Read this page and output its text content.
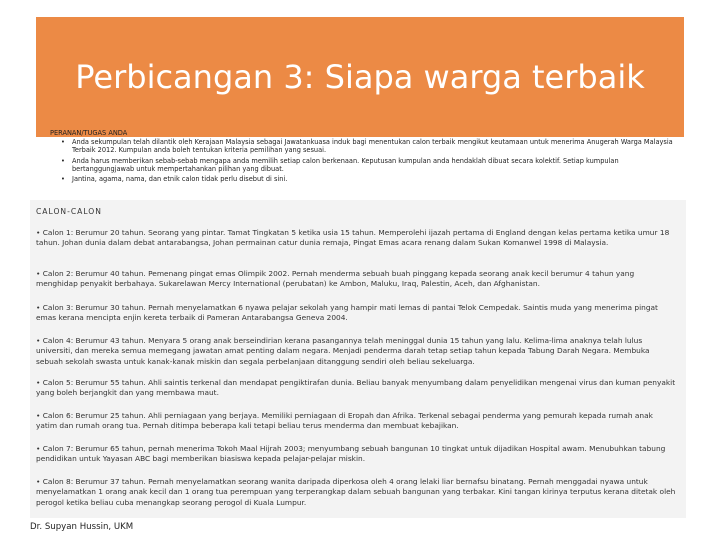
Perbicangan 3: Siapa warga terbaik
PERANAN/TUGAS ANDA
• Anda sekumpulan telah dilantik oleh Kerajaan Malaysia sebagai Jawatankuasa induk bagi menentukan calon terbaik mengikut keutamaan untuk menerima Anugerah Warga Malaysia Terbaik 2012. Kumpulan anda boleh tentukan kriteria pemilihan yang sesuai.
• Anda harus memberikan sebab-sebab mengapa anda memilih setiap calon berkenaan. Keputusan kumpulan anda hendaklah dibuat secara kolektif. Setiap kumpulan bertanggungjawab untuk mempertahankan pilihan yang dibuat.
• Jantina, agama, nama, dan etnik calon tidak perlu disebut di sini.
CALON-CALON

• Calon 1: Berumur 20 tahun. Seorang yang pintar. Tamat Tingkatan 5 ketika usia 15 tahun. Memperolehi ijazah pertama di England dengan kelas pertama ketika umur 18 tahun. Johan dunia dalam debat antarabangsa, Johan permainan catur dunia remaja, Pingat Emas acara renang dalam Sukan Komanwel 1998 di Malaysia.

• Calon 2: Berumur 40 tahun. Pemenang pingat emas Olimpik 2002. Pernah menderma sebuah buah pinggang kepada seorang anak kecil berumur 4 tahun yang menghidap penyakit berbahaya. Sukarelawan Mercy International (perubatan) ke Ambon, Maluku, Iraq, Palestin, Aceh, dan Afghanistan.

• Calon 3: Berumur 30 tahun. Pernah menyelamatkan 6 nyawa pelajar sekolah yang hampir mati lemas di pantai Telok Cempedak. Saintis muda yang menerima pingat emas kerana mencipta enjin kereta terbaik di Pameran Antarabangsa Geneva 2004.

• Calon 4: Berumur 43 tahun. Menyara 5 orang anak berseindirian kerana pasangannya telah meninggal dunia 15 tahun yang lalu. Kelima-lima anaknya telah lulus universiti, dan mereka semua memegang jawatan amat penting dalam negara. Menjadi penderma darah tetap setiap tahun kepada Tabung Darah Negara. Membuka sebuah sekolah swasta untuk kanak-kanak miskin dan segala perbelanjaan ditanggung sendiri oleh beliau sekeluarga.

• Calon 5: Berumur 55 tahun. Ahli saintis terkenal dan mendapat pengiktirafan dunia. Beliau banyak menyumbang dalam penyelidikan mengenai virus dan kuman penyakit yang boleh berjangkit dan yang membawa maut.

• Calon 6: Berumur 25 tahun. Ahli perniagaan yang berjaya. Memiliki perniagaan di Eropah dan Afrika. Terkenal sebagai penderma yang pemurah kepada rumah anak yatim dan rumah orang tua. Pernah ditimpa beberapa kali tetapi beliau terus menderma dan membuat kebajikan.

• Calon 7: Berumur 65 tahun, pernah menerima Tokoh Maal Hijrah 2003; menyumbang sebuah bangunan 10 tingkat untuk dijadikan Hospital awam. Menubuhkan tabung pendidikan untuk Yayasan ABC bagi memberikan biasiswa kepada pelajar-pelajar miskin.

• Calon 8: Berumur 37 tahun. Pernah menyelamatkan seorang wanita daripada diperkosa oleh 4 orang lelaki liar bernafsu binatang. Pernah menggadai nyawa untuk menyelamatkan 1 orang anak kecil dan 1 orang tua perempuan yang terperangkap dalam sebuah bangunan yang terbakar. Kini tangan kirinya terputus kerana ditetak oleh perogol ketika beliau cuba menangkap seorang perogol di Kuala Lumpur.

Dr. Supyan Hussin, UKM
